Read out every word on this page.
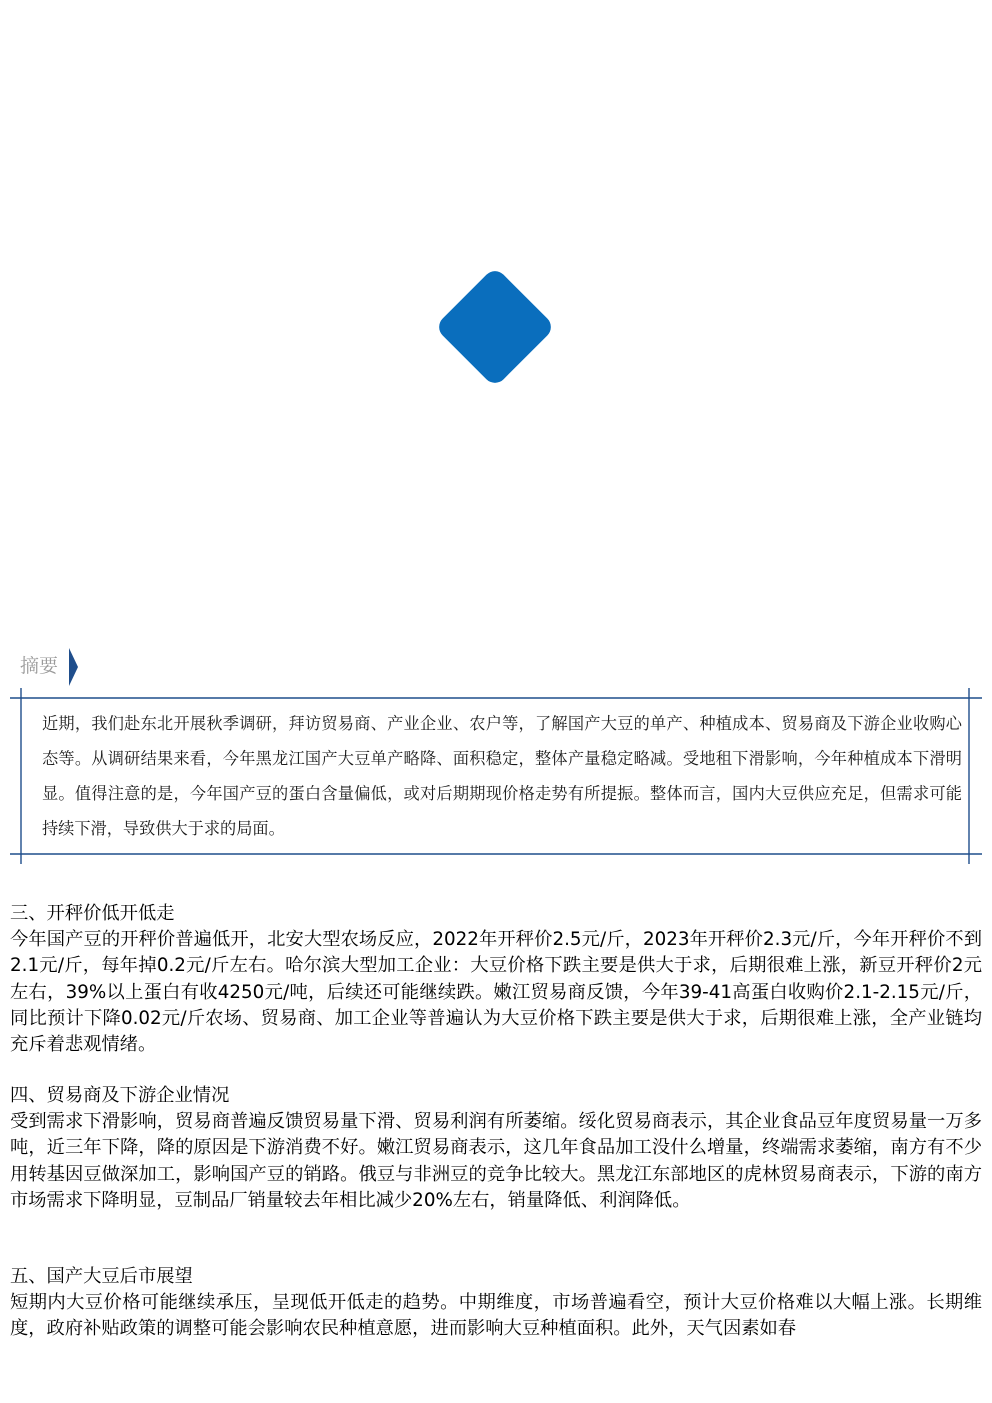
摘要
近期，我们赴东北开展秋季调研，拜访贸易商、产业企业、农户等，了解国产大豆的单产、种植成本、贸易商及下游企业收购心态等。从调研结果来看，今年黑龙江国产大豆单产略降、面积稳定，整体产量稳定略减。受地租下滑影响，今年种植成本下滑明显。值得注意的是，今年国产豆的蛋白含量偏低，或对后期期现价格走势有所提振。整体而言，国内大豆供应充足，但需求可能持续下滑，导致供大于求的局面。
三、开秤价低开低走

今年国产豆的开秤价普遍低开，北安大型农场反应，2022年开秤价2.5元/斤，2023年开秤价2.3元/斤，今年开秤价不到2.1元/斤，每年掉0.2元/斤左右。哈尔滨大型加工企业：大豆价格下跌主要是供大于求，后期很难上涨，新豆开秤价2元左右，39%以上蛋白有收4250元/吨，后续还可能继续跌。嫩江贸易商反馈，今年39-41高蛋白收购价2.1-2.15元/斤，同比预计下降0.02元/斤农场、贸易商、加工企业等普遍认为大豆价格下跌主要是供大于求，后期很难上涨，全产业链均充斥着悲观情绪。

四、贸易商及下游企业情况

受到需求下滑影响，贸易商普遍反馈贸易量下滑、贸易利润有所萎缩。绥化贸易商表示，其企业食品豆年度贸易量一万多吨，近三年下降，降的原因是下游消费不好。嫩江贸易商表示，这几年食品加工没什么增量，终端需求萎缩，南方有不少用转基因豆做深加工，影响国产豆的销路。俄豆与非洲豆的竞争比较大。黑龙江东部地区的虎林贸易商表示，下游的南方市场需求下降明显，豆制品厂销量较去年相比减少20%左右，销量降低、利润降低。

五、国产大豆后市展望

短期内大豆价格可能继续承压，呈现低开低走的趋势。中期维度，市场普遍看空，预计大豆价格难以大幅上涨。长期维度，政府补贴政策的调整可能会影响农民种植意愿，进而影响大豆种植面积。此外，天气因素如春
